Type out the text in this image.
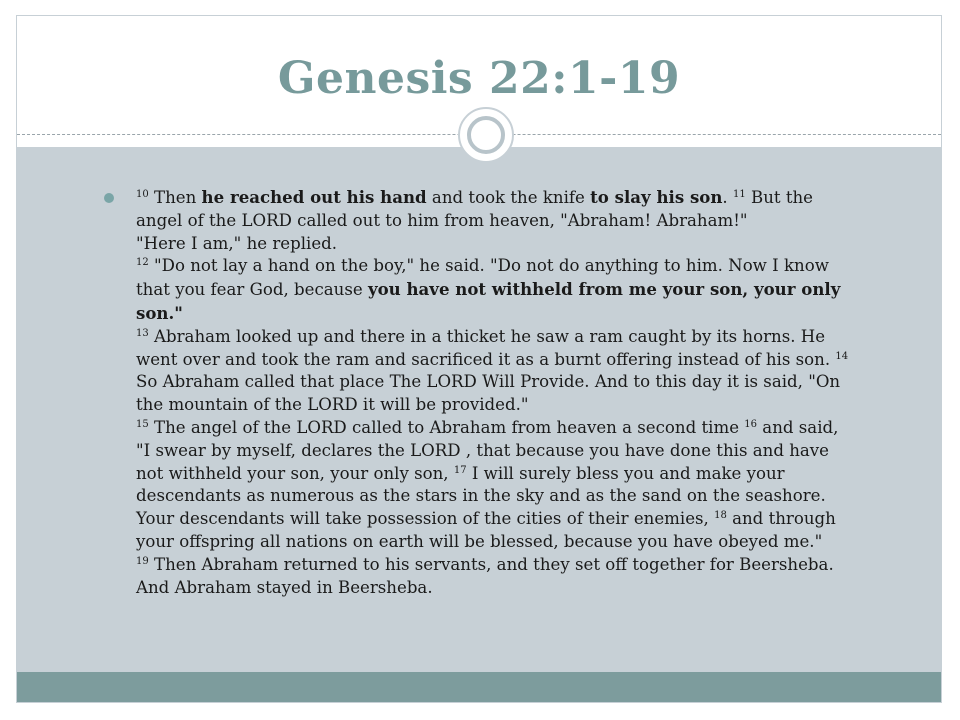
Genesis 22:1-19
$^{10}$ Then he reached out his hand and took the knife to slay his son. $^{11}$ But the angel of the LORD called out to him from heaven, "Abraham! Abraham!"
"Here I am," he replied.
$^{12}$ "Do not lay a hand on the boy," he said. "Do not do anything to him. Now I know that you fear God, because you have not withheld from me your son, your only son."
$^{13}$ Abraham looked up and there in a thicket he saw a ram caught by its horns. He went over and took the ram and sacrificed it as a burnt offering instead of his son. $^{14}$ So Abraham called that place The LORD Will Provide. And to this day it is said, "On the mountain of the LORD it will be provided."
$^{15}$ The angel of the LORD called to Abraham from heaven a second time $^{16}$ and said, "I swear by myself, declares the LORD , that because you have done this and have not withheld your son, your only son, $^{17}$ I will surely bless you and make your descendants as numerous as the stars in the sky and as the sand on the seashore. Your descendants will take possession of the cities of their enemies, $^{18}$ and through your offspring all nations on earth will be blessed, because you have obeyed me."
$^{19}$ Then Abraham returned to his servants, and they set off together for Beersheba. And Abraham stayed in Beersheba.
